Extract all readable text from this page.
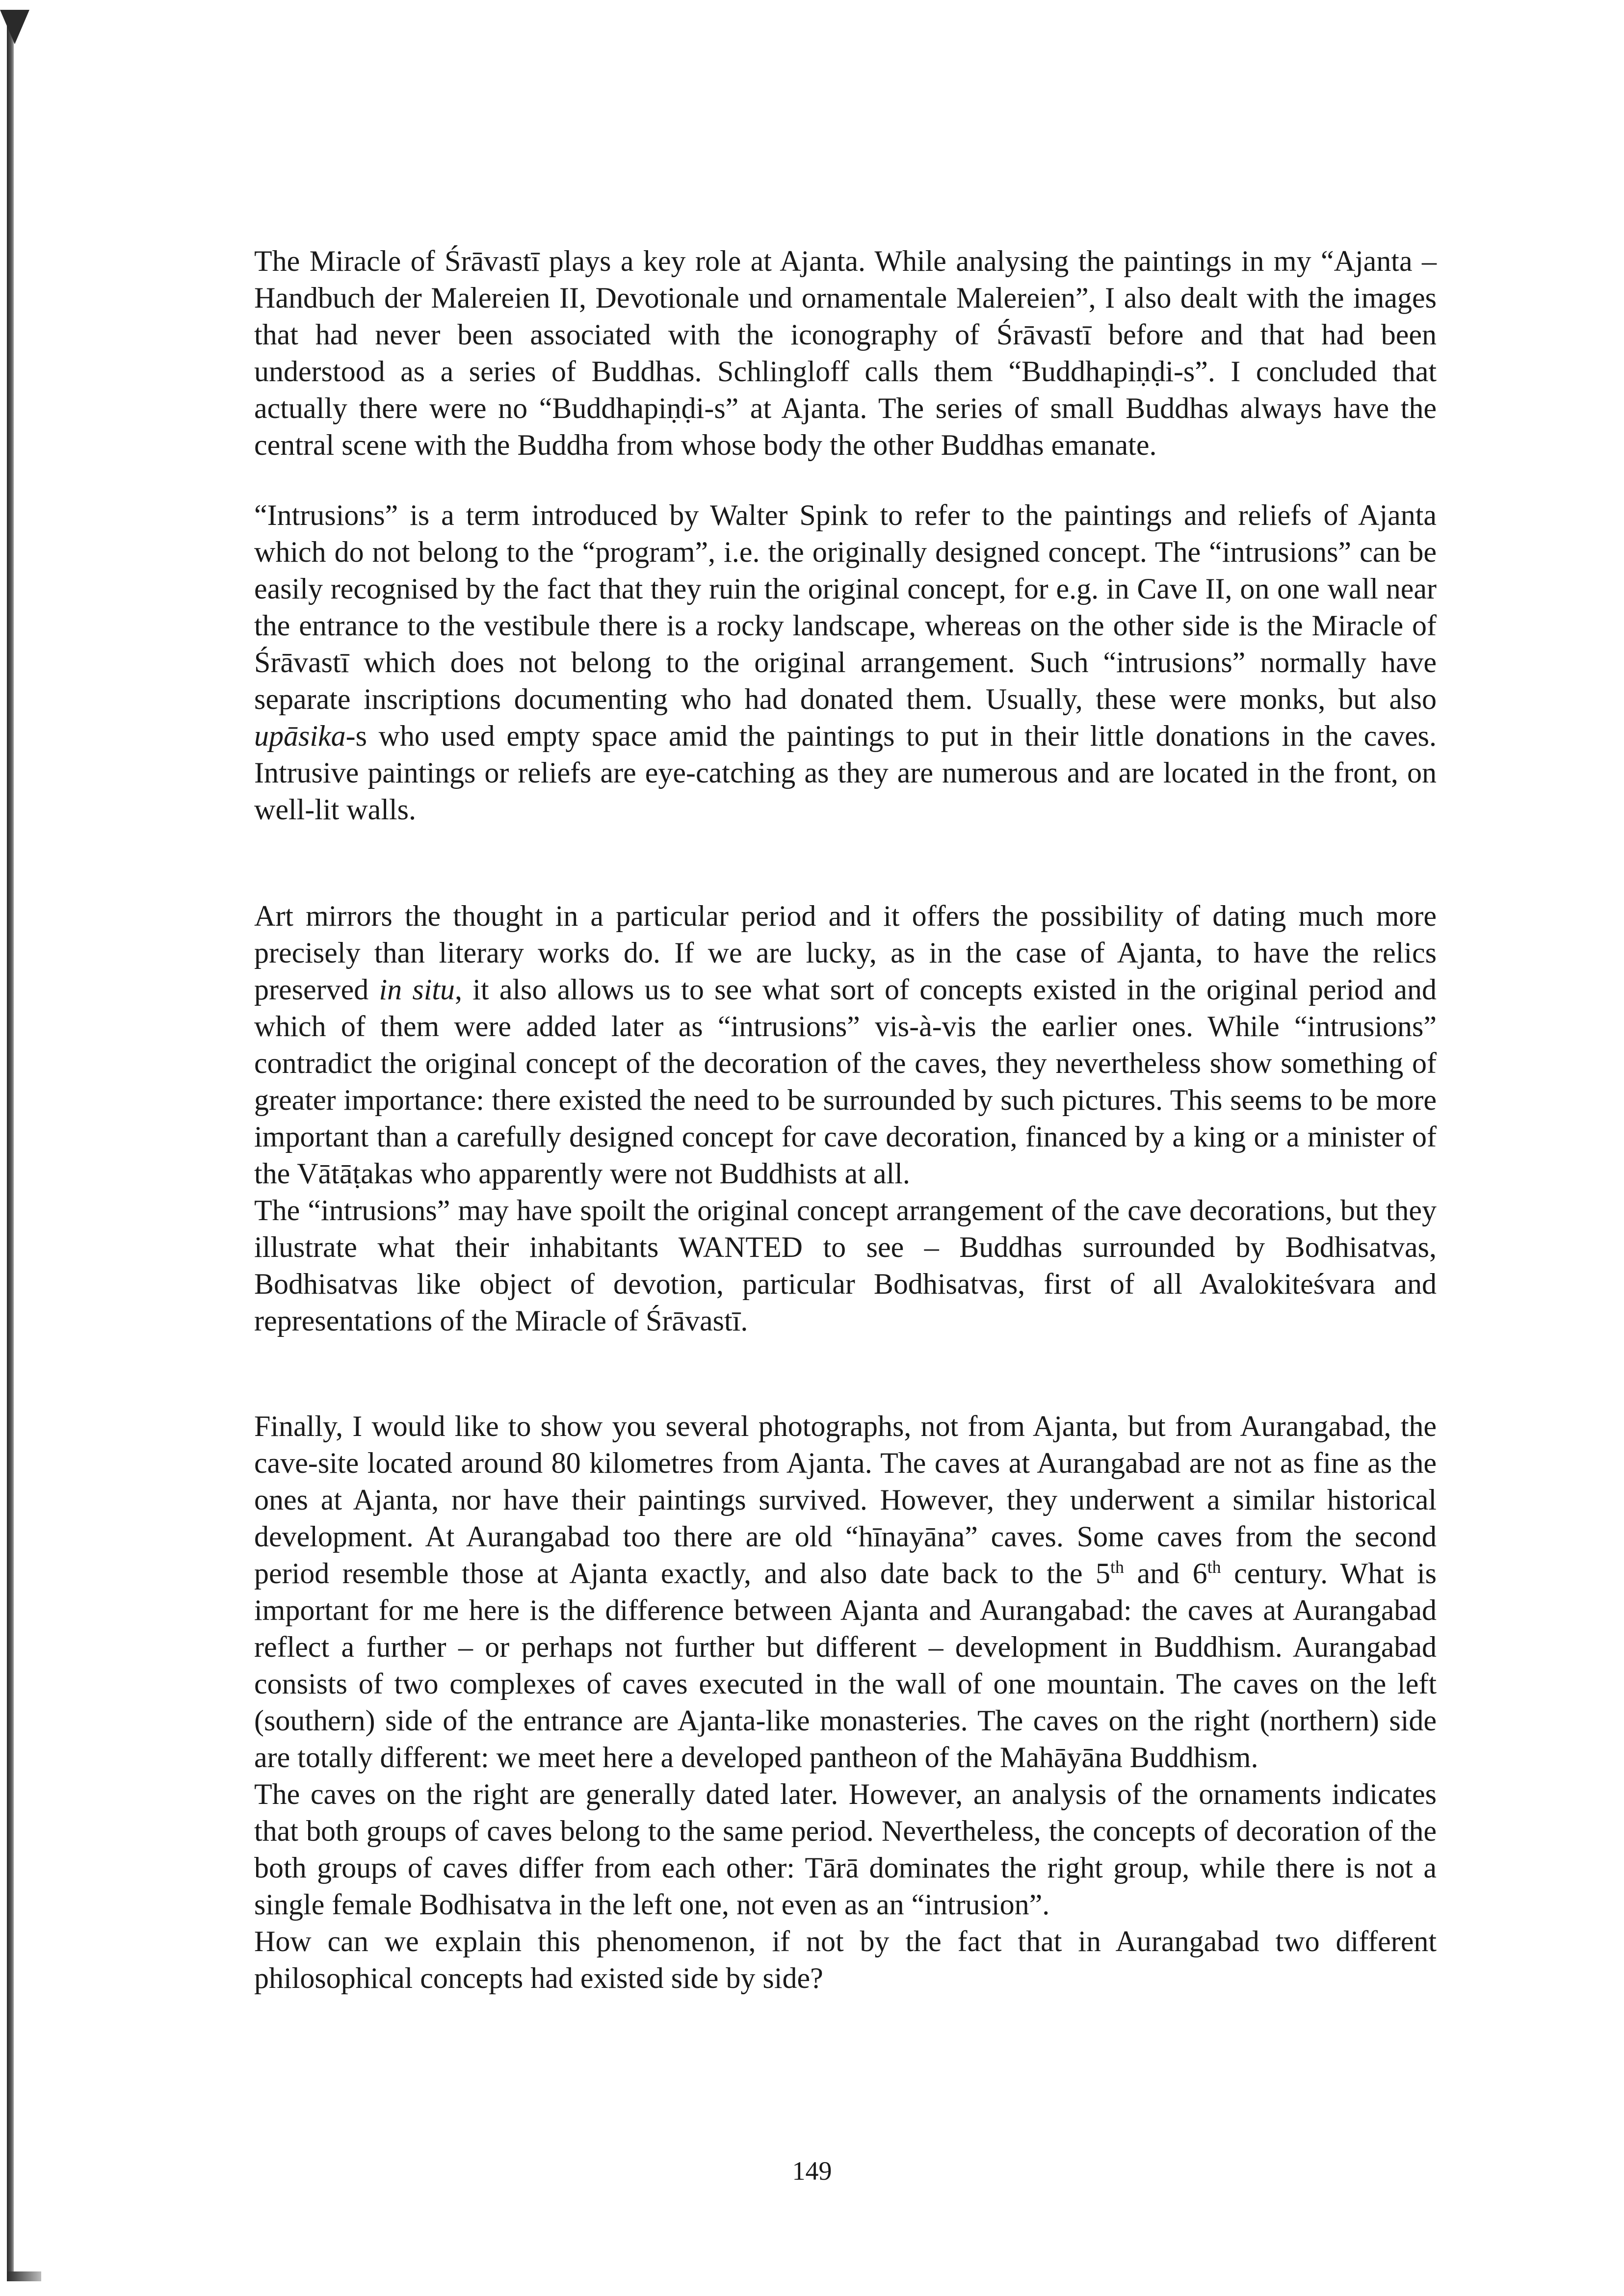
The Miracle of Śrāvastī plays a key role at Ajanta. While analysing the paintings in my “Ajanta – Handbuch der Malereien II, Devotionale und ornamentale Malereien”, I also dealt with the images that had never been associated with the iconography of Śrāvastī before and that had been understood as a series of Buddhas. Schlingloff calls them “Buddhapiṇḍi-s”. I concluded that actually there were no “Buddhapiṇḍi-s” at Ajanta. The series of small Buddhas always have the central scene with the Buddha from whose body the other Buddhas emanate.

“Intrusions” is a term introduced by Walter Spink to refer to the paintings and reliefs of Ajanta which do not belong to the “program”, i.e. the originally designed concept. The “intrusions” can be easily recognised by the fact that they ruin the original concept, for e.g. in Cave II, on one wall near the entrance to the vestibule there is a rocky landscape, whereas on the other side is the Miracle of Śrāvastī which does not belong to the original arrangement. Such “intrusions” normally have separate inscriptions documenting who had donated them. Usually, these were monks, but also upāsika-s who used empty space amid the paintings to put in their little donations in the caves. Intrusive paintings or reliefs are eye-catching as they are numerous and are located in the front, on well-lit walls.

Art mirrors the thought in a particular period and it offers the possibility of dating much more precisely than literary works do. If we are lucky, as in the case of Ajanta, to have the relics preserved in situ, it also allows us to see what sort of concepts existed in the original period and which of them were added later as “intrusions” vis-à-vis the earlier ones. While “intrusions” contradict the original concept of the decoration of the caves, they nevertheless show something of greater importance: there existed the need to be surrounded by such pictures. This seems to be more important than a carefully designed concept for cave decoration, financed by a king or a minister of the Vātāṭakas who apparently were not Buddhists at all.

The “intrusions” may have spoilt the original concept arrangement of the cave decorations, but they illustrate what their inhabitants WANTED to see – Buddhas surrounded by Bodhisatvas, Bodhisatvas like object of devotion, particular Bodhisatvas, first of all Avalokiteśvara and representations of the Miracle of Śrāvastī.

Finally, I would like to show you several photographs, not from Ajanta, but from Aurangabad, the cave-site located around 80 kilometres from Ajanta. The caves at Aurangabad are not as fine as the ones at Ajanta, nor have their paintings survived. However, they underwent a similar historical development. At Aurangabad too there are old “hīnayāna” caves. Some caves from the second period resemble those at Ajanta exactly, and also date back to the 5th and 6th century. What is important for me here is the difference between Ajanta and Aurangabad: the caves at Aurangabad reflect a further – or perhaps not further but different – development in Buddhism. Aurangabad consists of two complexes of caves executed in the wall of one mountain. The caves on the left (southern) side of the entrance are Ajanta-like monasteries. The caves on the right (northern) side are totally different: we meet here a developed pantheon of the Mahāyāna Buddhism.

The caves on the right are generally dated later. However, an analysis of the ornaments indicates that both groups of caves belong to the same period. Nevertheless, the concepts of decoration of the both groups of caves differ from each other: Tārā dominates the right group, while there is not a single female Bodhisatva in the left one, not even as an “intrusion”.

How can we explain this phenomenon, if not by the fact that in Aurangabad two different philosophical concepts had existed side by side?

149
